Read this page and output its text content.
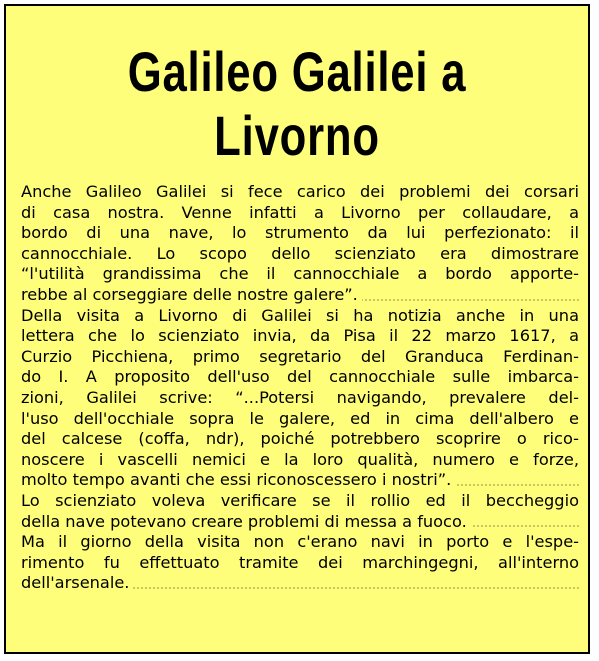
Galileo Galilei a Livorno
Anche Galileo Galilei si fece carico dei problemi dei corsari
di casa nostra. Venne infatti a Livorno per collaudare, a
bordo di una nave, lo strumento da lui perfezionato: il
cannocchiale. Lo scopo dello scienziato era dimostrare
“l'utilità grandissima che il cannocchiale a bordo apporte-
rebbe al corseggiare delle nostre galere”.
Della visita a Livorno di Galilei si ha notizia anche in una
lettera che lo scienziato invia, da Pisa il 22 marzo 1617, a
Curzio Picchiena, primo segretario del Granduca Ferdinan-
do I. A proposito dell'uso del cannocchiale sulle imbarca-
zioni, Galilei scrive: “...Potersi navigando, prevalere del-
l'uso dell'occhiale sopra le galere, ed in cima dell'albero e
del calcese (coffa, ndr), poiché potrebbero scoprire o rico-
noscere i vascelli nemici e la loro qualità, numero e forze,
molto tempo avanti che essi riconoscessero i nostri”.
Lo scienziato voleva verificare se il rollio ed il beccheggio
della nave potevano creare problemi di messa a fuoco.
Ma il giorno della visita non c'erano navi in porto e l'espe-
rimento fu effettuato tramite dei marchingegni, all'interno
dell'arsenale.
